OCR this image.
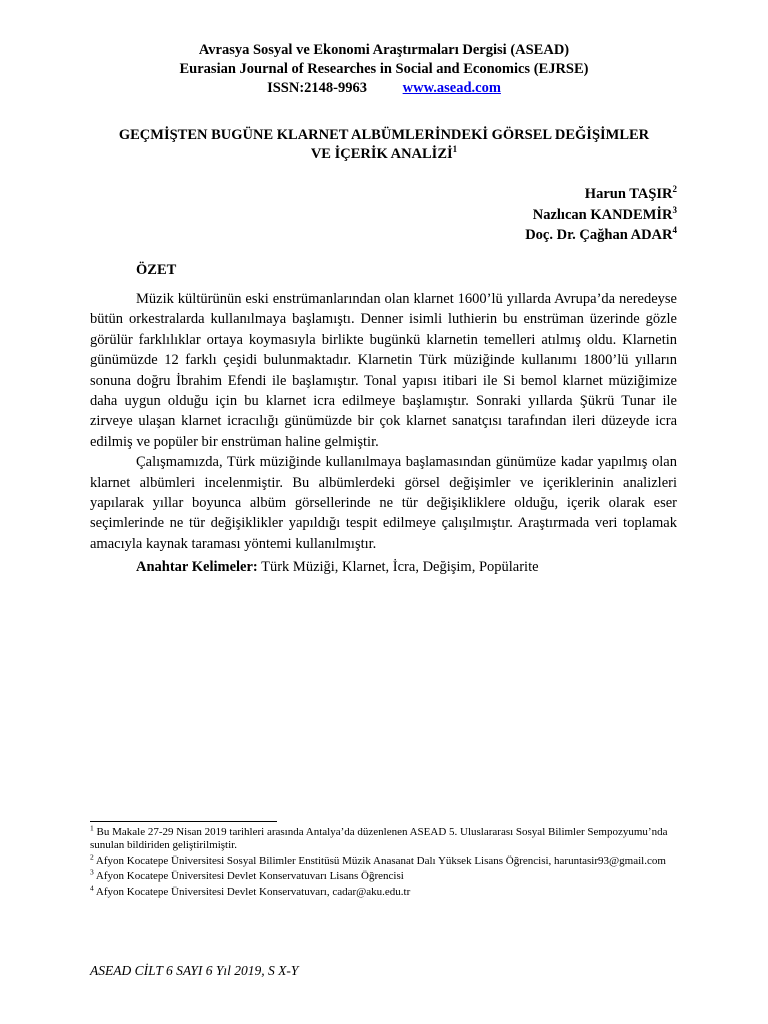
Avrasya Sosyal ve Ekonomi Araştırmaları Dergisi (ASEAD)
Eurasian Journal of Researches in Social and Economics (EJRSE)
ISSN:2148-9963 www.asead.com
GEÇMİŞTEN BUGÜNE KLARNET ALBÜMLERİNDEKİ GÖRSEL DEĞİŞİMLER
VE İÇERİK ANALİZİ$^1$
Harun TAŞIR$^2$
Nazlıcan KANDEMİR$^3$
Doç. Dr. Çağhan ADAR$^4$
ÖZET

Müzik kültürünün eski enstrümanlarından olan klarnet 1600’lü yıllarda Avrupa’da neredeyse bütün orkestralarda kullanılmaya başlamıştı. Denner isimli luthierin bu enstrüman üzerinde gözle görülür farklılıklar ortaya koymasıyla birlikte bugünkü klarnetin temelleri atılmış oldu. Klarnetin günümüzde 12 farklı çeşidi bulunmaktadır. Klarnetin Türk müziğinde kullanımı 1800’lü yılların sonuna doğru İbrahim Efendi ile başlamıştır. Tonal yapısı itibari ile Si bemol klarnet müziğimize daha uygun olduğu için bu klarnet icra edilmeye başlamıştır. Sonraki yıllarda Şükrü Tunar ile zirveye ulaşan klarnet icracılığı günümüzde bir çok klarnet sanatçısı tarafından ileri düzeyde icra edilmiş ve popüler bir enstrüman haline gelmiştir.

Çalışmamızda, Türk müziğinde kullanılmaya başlamasından günümüze kadar yapılmış olan klarnet albümleri incelenmiştir. Bu albümlerdeki görsel değişimler ve içeriklerinin analizleri yapılarak yıllar boyunca albüm görsellerinde ne tür değişikliklere olduğu, içerik olarak eser seçimlerinde ne tür değişiklikler yapıldığı tespit edilmeye çalışılmıştır. Araştırmada veri toplamak amacıyla kaynak taraması yöntemi kullanılmıştır.

Anahtar Kelimeler: Türk Müziği, Klarnet, İcra, Değişim, Popülarite
$^1$ Bu Makale 27-29 Nisan 2019 tarihleri arasında Antalya’da düzenlenen ASEAD 5. Uluslararası Sosyal Bilimler Sempozyumu’nda sunulan bildiriden geliştirilmiştir.
$^2$ Afyon Kocatepe Üniversitesi Sosyal Bilimler Enstitüsü Müzik Anasanat Dalı Yüksek Lisans Öğrencisi, haruntasir93@gmail.com
$^3$ Afyon Kocatepe Üniversitesi Devlet Konservatuvarı Lisans Öğrencisi
$^4$ Afyon Kocatepe Üniversitesi Devlet Konservatuvarı, cadar@aku.edu.tr
ASEAD CİLT 6 SAYI 6 Yıl 2019, S X-Y
